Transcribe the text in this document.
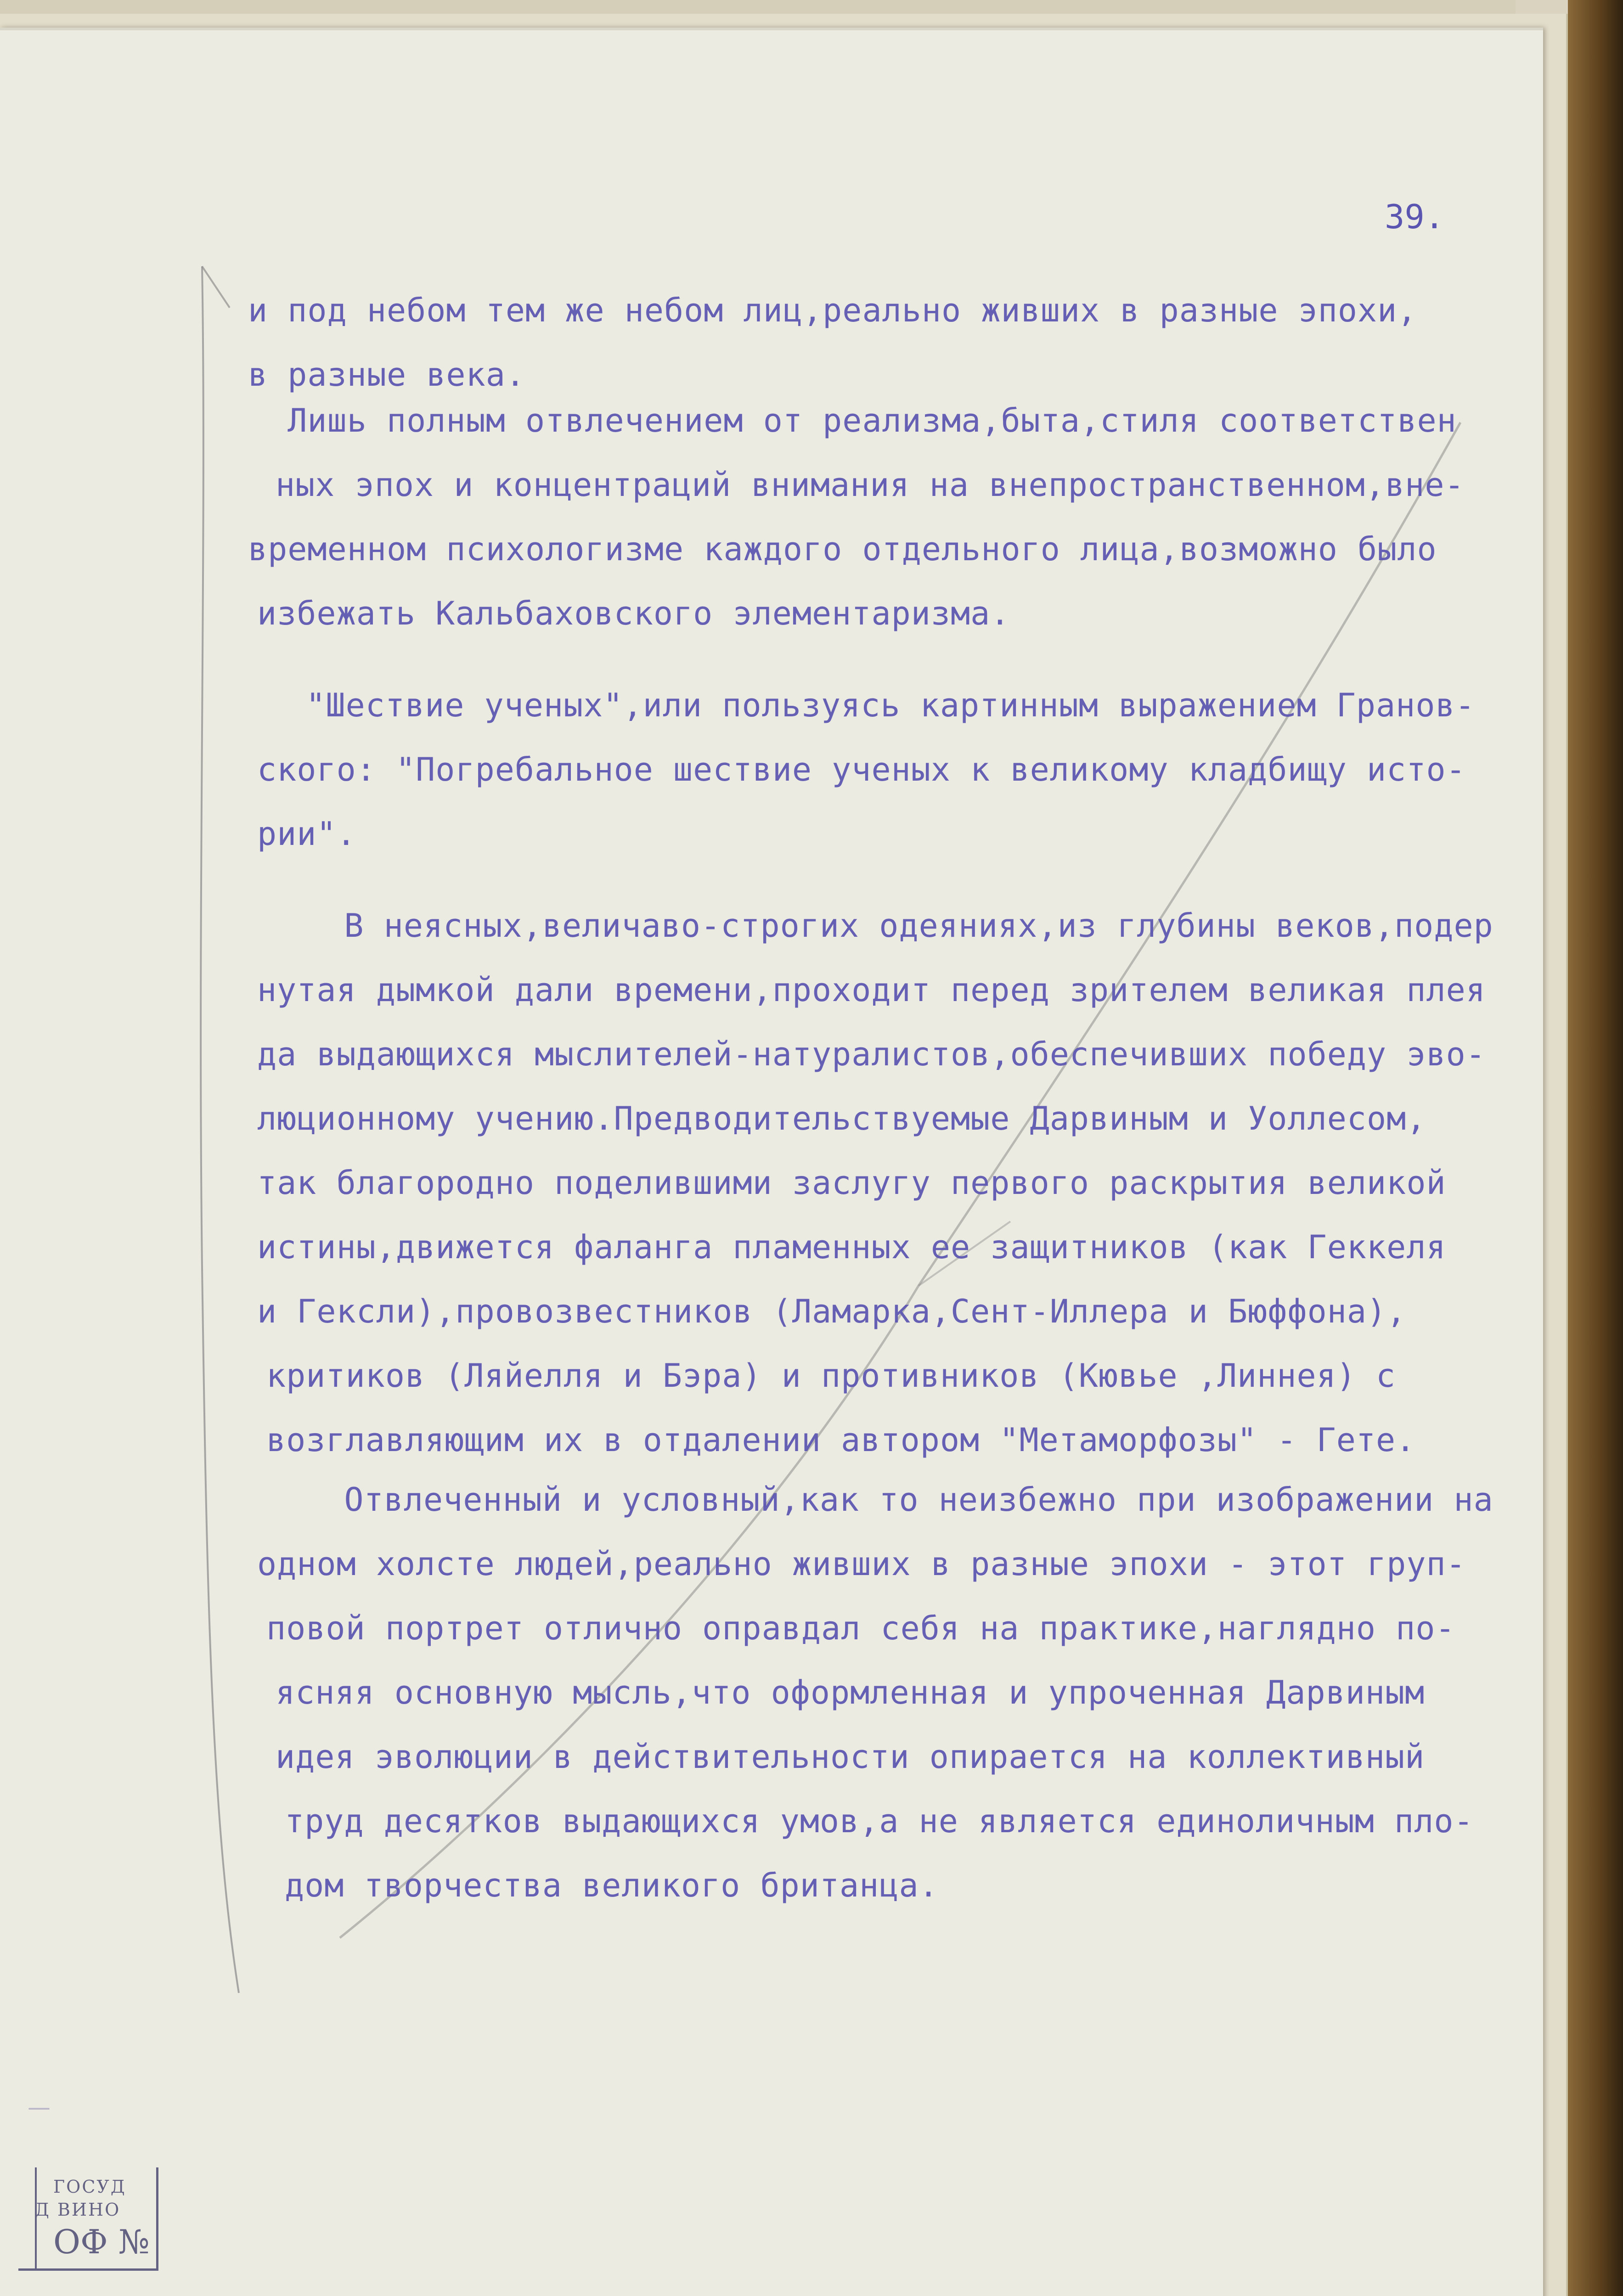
39.
и под небом тем же небом лиц,реально живших в разные эпохи,
в разные века.
Лишь полным отвлечением от реализма,быта,стиля соответствен
ных эпох и концентраций внимания на внепространственном,вне-
временном психологизме каждого отдельного лица,возможно было
избежать Кальбаховского элементаризма.
"Шествие ученых",или пользуясь картинным выражением Гранов-
ского: "Погребальное шествие ученых к великому кладбищу исто-
рии".
В неясных,величаво-строгих одеяниях,из глубины веков,подер
нутая дымкой дали времени,проходит перед зрителем великая плея
да выдающихся мыслителей-натуралистов,обеспечивших победу эво-
люционному учению.Предводительствуемые Дарвиным и Уоллесом,
так благородно поделившими заслугу первого раскрытия великой
истины,движется фаланга пламенных ее защитников (как Геккеля
и Гексли),провозвестников (Ламарка,Сент-Иллера и Бюффона),
критиков (Ляйелля и Бэра) и противников (Кювье ,Линнея) с
возглавляющим их в отдалении автором "Метаморфозы" - Гете.
Отвлеченный и условный,как то неизбежно при изображении на
одном холсте людей,реально живших в разные эпохи - этот груп-
повой портрет отлично оправдал себя на практике,наглядно по-
ясняя основную мысль,что оформленная и упроченная Дарвиным
идея эволюции в действительности опирается на коллективный
труд десятков выдающихся умов,а не является единоличным пло-
дом творчества великого британца.
—
ГОСУД
Д ВИНО
ОФ №
